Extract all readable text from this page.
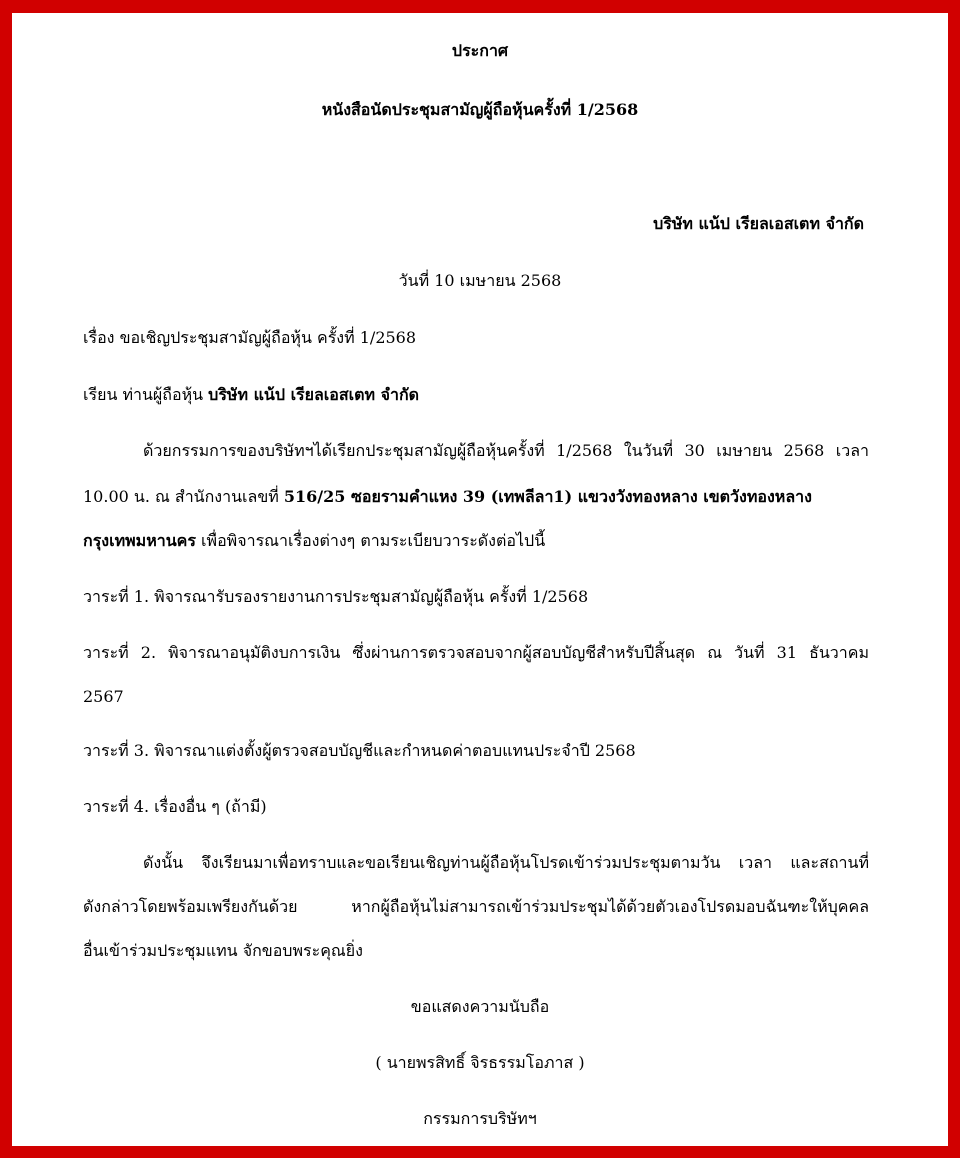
ประกาศ
หนังสือนัดประชุมสามัญผู้ถือหุ้นครั้งที่ 1/2568
บริษัท แน้ป เรียลเอสเตท จำกัด
วันที่ 10 เมษายน 2568
เรื่อง ขอเชิญประชุมสามัญผู้ถือหุ้น ครั้งที่ 1/2568
เรียน ท่านผู้ถือหุ้น บริษัท แน้ป เรียลเอสเตท จำกัด
ด้วยกรรมการของบริษัทฯได้เรียกประชุมสามัญผู้ถือหุ้นครั้งที่ 1/2568 ในวันที่ 30 เมษายน 2568 เวลา
10.00 น. ณ สำนักงานเลขที่ 516/25 ซอยรามคำแหง 39 (เทพลีลา1) แขวงวังทองหลาง เขตวังทองหลาง
กรุงเทพมหานคร เพื่อพิจารณาเรื่องต่างๆ ตามระเบียบวาระดังต่อไปนี้
วาระที่ 1. พิจารณารับรองรายงานการประชุมสามัญผู้ถือหุ้น ครั้งที่ 1/2568
วาระที่ 2. พิจารณาอนุมัติงบการเงิน ซึ่งผ่านการตรวจสอบจากผู้สอบบัญชีสำหรับปีสิ้นสุด ณ วันที่ 31 ธันวาคม
2567
วาระที่ 3. พิจารณาแต่งตั้งผู้ตรวจสอบบัญชีและกำหนดค่าตอบแทนประจำปี 2568
วาระที่ 4. เรื่องอื่น ๆ (ถ้ามี)
ดังนั้น จึงเรียนมาเพื่อทราบและขอเรียนเชิญท่านผู้ถือหุ้นโปรดเข้าร่วมประชุมตามวัน เวลา และสถานที่
ดังกล่าวโดยพร้อมเพรียงกันด้วย หากผู้ถือหุ้นไม่สามารถเข้าร่วมประชุมได้ด้วยตัวเองโปรดมอบฉันฑะให้บุคคล
อื่นเข้าร่วมประชุมแทน จักขอบพระคุณยิ่ง
ขอแสดงความนับถือ
( นายพรสิทธิ์ จิรธรรมโอภาส )
กรรมการบริษัทฯ
